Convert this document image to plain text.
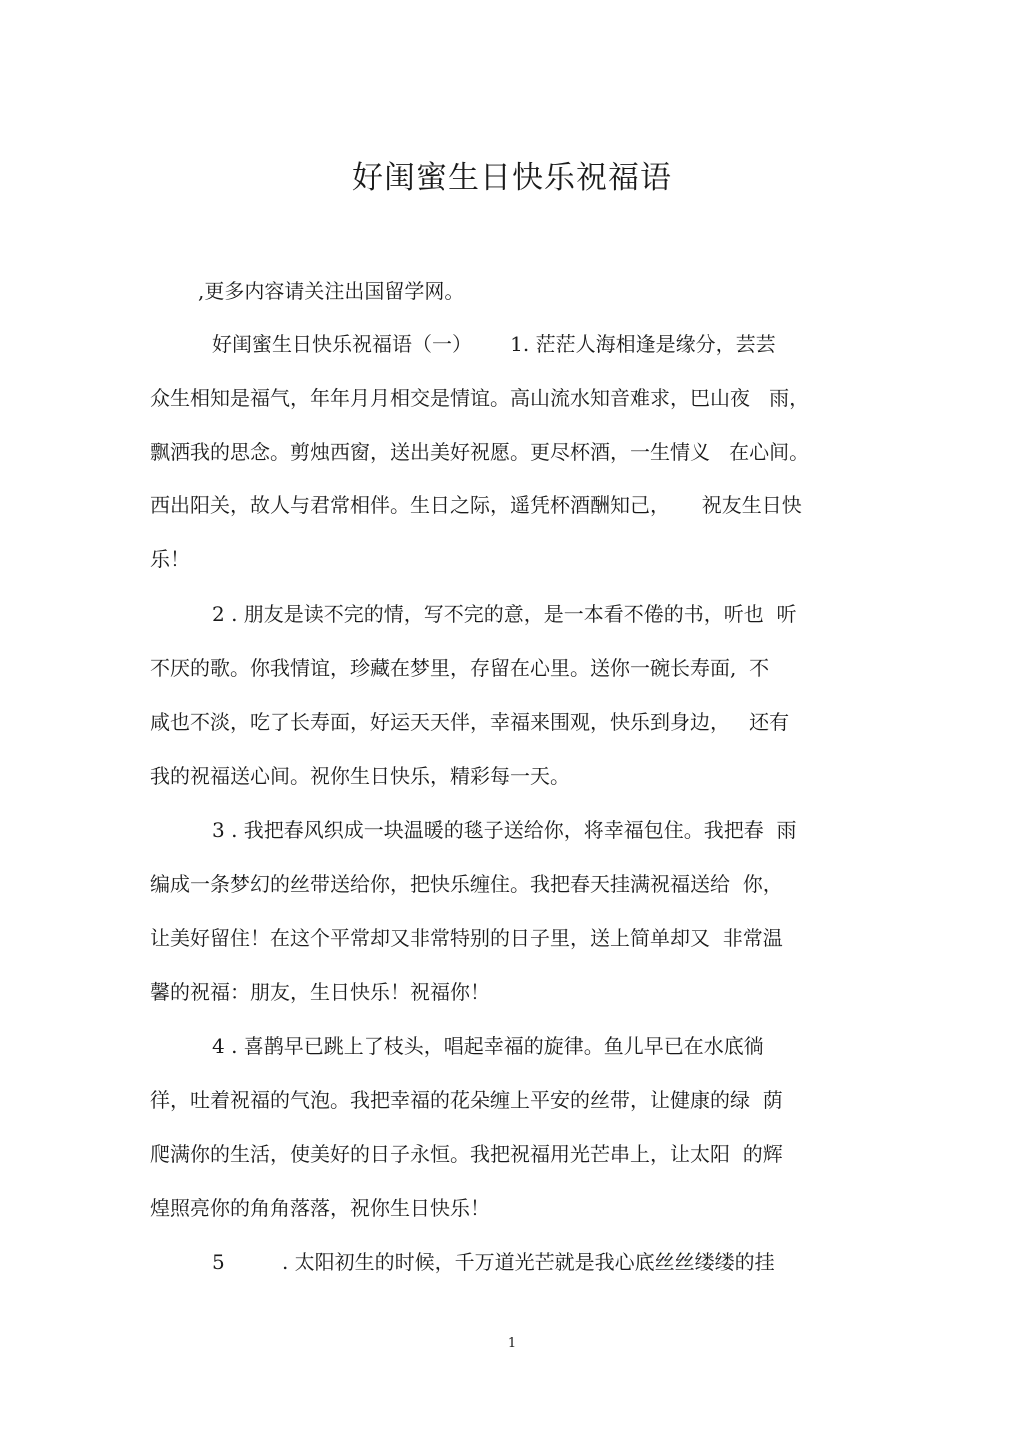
好闺蜜生日快乐祝福语
,更多内容请关注出国留学网。
好闺蜜生日快乐祝福语（一）      1. 茫茫人海相逢是缘分，芸芸
众生相知是福气，年年月月相交是情谊。高山流水知音难求，巴山夜   雨，
飘洒我的思念。剪烛西窗，送出美好祝愿。更尽杯酒，一生情义   在心间。
西出阳关，故人与君常相伴。生日之际，遥凭杯酒酬知己，     祝友生日快
乐！
2 . 朋友是读不完的情，写不完的意，是一本看不倦的书，听也  听
不厌的歌。你我情谊，珍藏在梦里，存留在心里。送你一碗长寿面,  不
咸也不淡，吃了长寿面，好运天天伴，幸福来围观，快乐到身边，   还有
我的祝福送心间。祝你生日快乐，精彩每一天。
3 . 我把春风织成一块温暖的毯子送给你，将幸福包住。我把春  雨
编成一条梦幻的丝带送给你，把快乐缠住。我把春天挂满祝福送给  你，
让美好留住！在这个平常却又非常特别的日子里，送上简单却又  非常温
馨的祝福：朋友，生日快乐！祝福你！
4 . 喜鹊早已跳上了枝头，唱起幸福的旋律。鱼儿早已在水底徜
徉，吐着祝福的气泡。我把幸福的花朵缠上平安的丝带，让健康的绿  荫
爬满你的生活，使美好的日子永恒。我把祝福用光芒串上，让太阳  的辉
煌照亮你的角角落落，祝你生日快乐！
5         . 太阳初生的时候，千万道光芒就是我心底丝丝缕缕的挂
1
